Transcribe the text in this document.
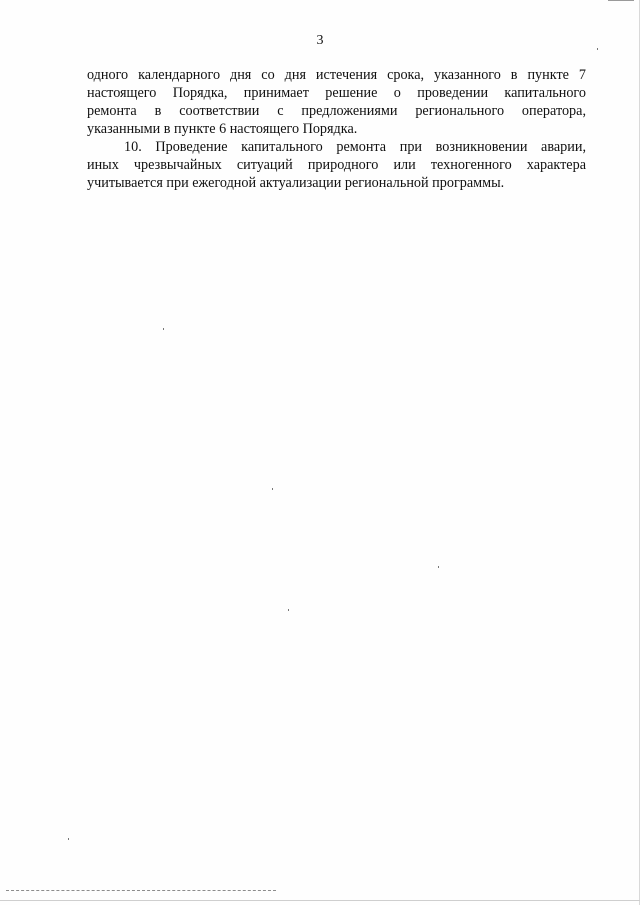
3
одного календарного дня со дня истечения срока, указанного в пункте 7
настоящего Порядка, принимает решение о проведении капитального
ремонта в соответствии с предложениями регионального оператора,
указанными в пункте 6 настоящего Порядка.
10. Проведение капитального ремонта при возникновении аварии,
иных чрезвычайных ситуаций природного или техногенного характера
учитывается при ежегодной актуализации региональной программы.
